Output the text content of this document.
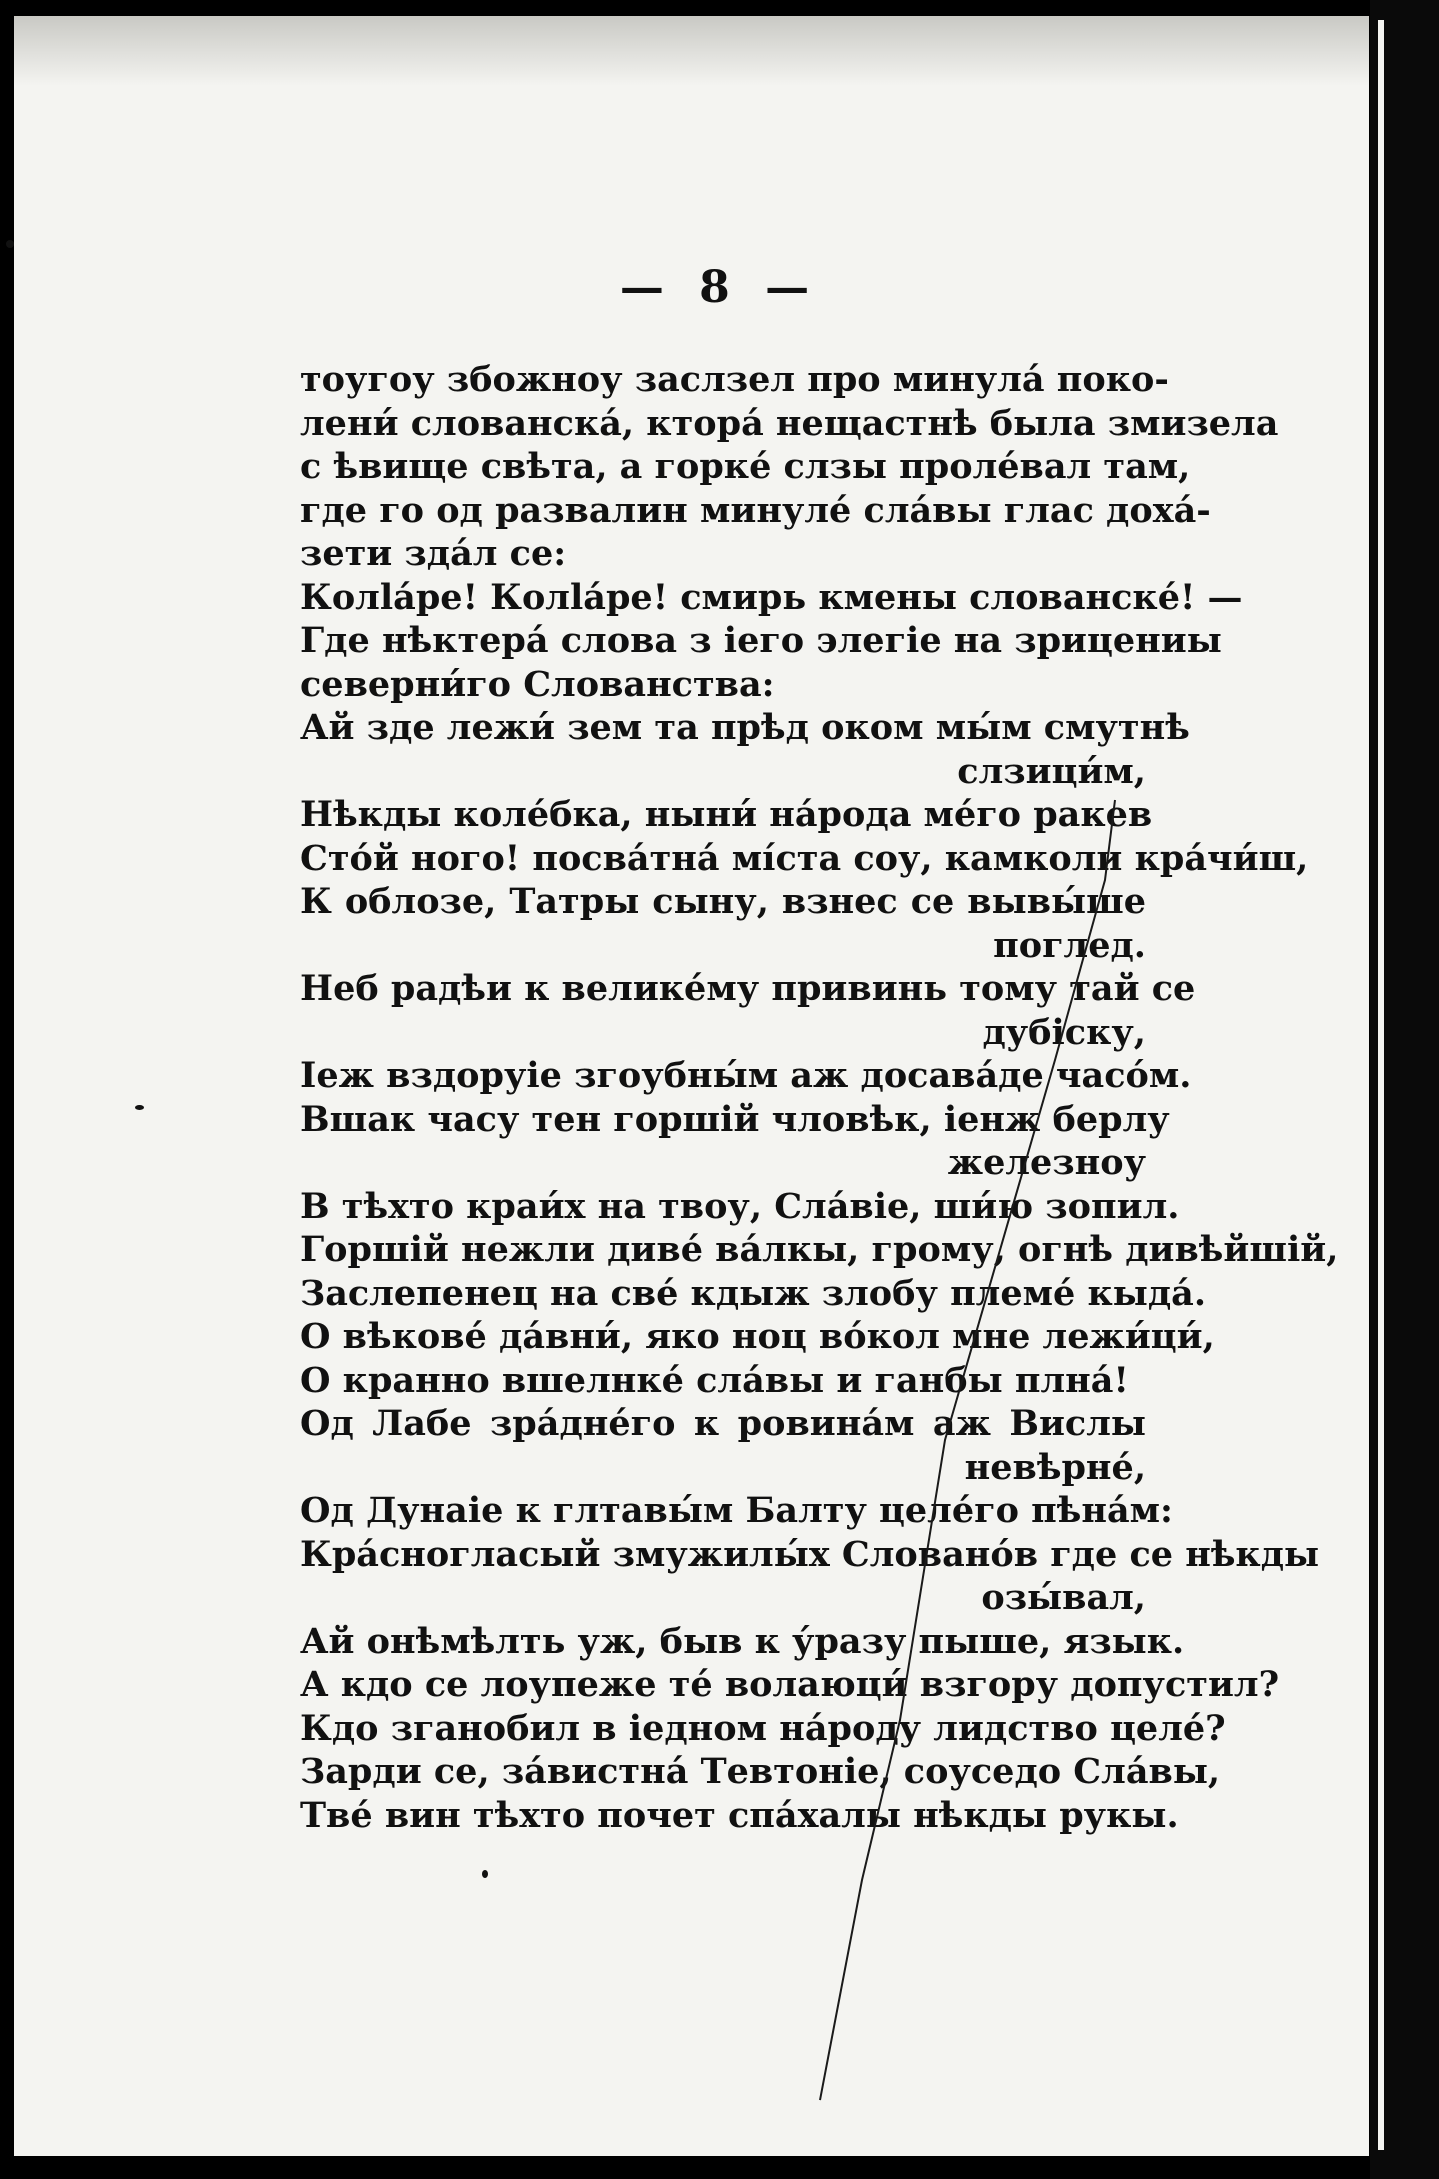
— 8 —
тоугоу збожноу заслзел про минулá поко-
лени́ слованскá, кторá нещастнѣ была змизела
с ѣвище свѣта, а горкé слзы пролéвал там,
где го од развалин минулé слáвы глас дохá-
зети здáл се:
Колláре! Колláре! смирь кмены слованскé! —
Где нѣктерá слова з iего элегiе на зрицениы
северни́го Слованства:
Ай зде лежи́ зем та прѣд оком мы́м смутнѣ
слзици́м,
Нѣкды колéбка, ныни́ нáрода мéго ракев
Стóй ного! посвáтнá мíста соу, камколи крáчи́ш,
К облозе, Татры сыну, взнес се вывы́ше
поглед.
Неб радѣи к великéму привинь тому тай се
дубiску,
Iеж вздоруiе згоубны́м аж досавáде часо́м.
Вшак часу тен горшiй чловѣк, iенж берлу
железноу
В тѣхто краи́х на твоу, Слáвiе, ши́ю зопил.
Горшiй нежли дивé вáлкы, грому, огнѣ дивѣйшiй,
Заслепенец на свé кдыж злобу племé кыдá.
О вѣковé дáвни́, яко ноц вóкол мне лежи́ци́,
О кранно вшелнкé слáвы и ганбы плнá!
Од Лабе зрáднéго к ровинáм аж Вислы
невѣрнé,
Од Дунаiе к глтавы́м Балту целéго пѣнáм:
Крáсногласый змужилы́х Словано́в где се нѣкды
озы́вал,
Ай онѣмѣлть уж, быв к у́разу пыше, язык.
А кдо се лоупеже тé волаюци́ взгору допустил?
Кдо зганобил в iедном нáроду лидство целé?
Зарди се, зáвистнá Тевтонiе, соуседо Слáвы,
Твé вин тѣхто почет спáхалы нѣкды рукы.
